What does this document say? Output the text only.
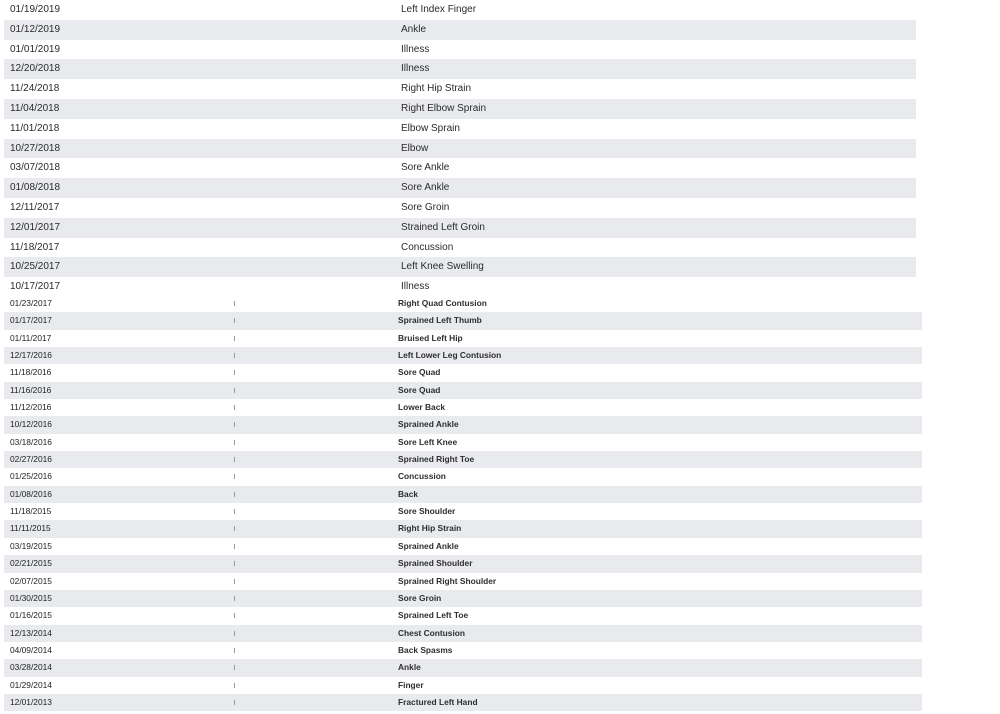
01/19/2019	Left Index Finger
01/12/2019	Ankle
01/01/2019	Illness
12/20/2018	Illness
11/24/2018	Right Hip Strain
11/04/2018	Right Elbow Sprain
11/01/2018	Elbow Sprain
10/27/2018	Elbow
03/07/2018	Sore Ankle
01/08/2018	Sore Ankle
12/11/2017	Sore Groin
12/01/2017	Strained Left Groin
11/18/2017	Concussion
10/25/2017	Left Knee Swelling
10/17/2017	Illness
01/23/2017	Right Quad Contusion
01/17/2017	Sprained Left Thumb
01/11/2017	Bruised Left Hip
12/17/2016	Left Lower Leg Contusion
11/18/2016	Sore Quad
11/16/2016	Sore Quad
11/12/2016	Lower Back
10/12/2016	Sprained Ankle
03/18/2016	Sore Left Knee
02/27/2016	Sprained Right Toe
01/25/2016	Concussion
01/08/2016	Back
11/18/2015	Sore Shoulder
11/11/2015	Right Hip Strain
03/19/2015	Sprained Ankle
02/21/2015	Sprained Shoulder
02/07/2015	Sprained Right Shoulder
01/30/2015	Sore Groin
01/16/2015	Sprained Left Toe
12/13/2014	Chest Contusion
04/09/2014	Back Spasms
03/28/2014	Ankle
01/29/2014	Finger
12/01/2013	Fractured Left Hand
